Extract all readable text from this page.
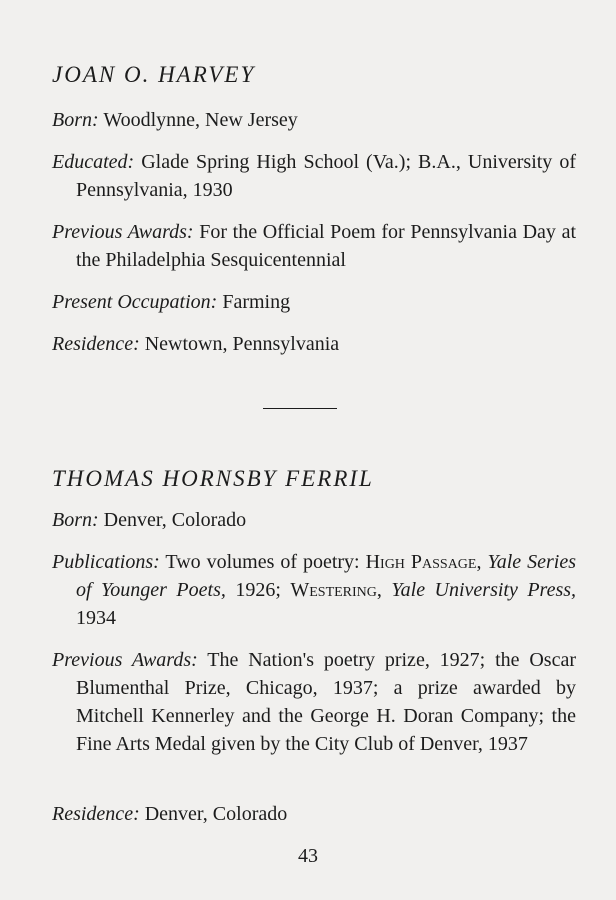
JOAN O. HARVEY
Born: Woodlynne, New Jersey
Educated: Glade Spring High School (Va.); B.A., University of Pennsylvania, 1930
Previous Awards: For the Official Poem for Pennsylvania Day at the Philadelphia Sesquicentennial
Present Occupation: Farming
Residence: Newtown, Pennsylvania
THOMAS HORNSBY FERRIL
Born: Denver, Colorado
Publications: Two volumes of poetry: High Passage, Yale Series of Younger Poets, 1926; Westering, Yale University Press, 1934
Previous Awards: The Nation's poetry prize, 1927; the Oscar Blumenthal Prize, Chicago, 1937; a prize awarded by Mitchell Kennerley and the George H. Doran Company; the Fine Arts Medal given by the City Club of Denver, 1937
Residence: Denver, Colorado
43
